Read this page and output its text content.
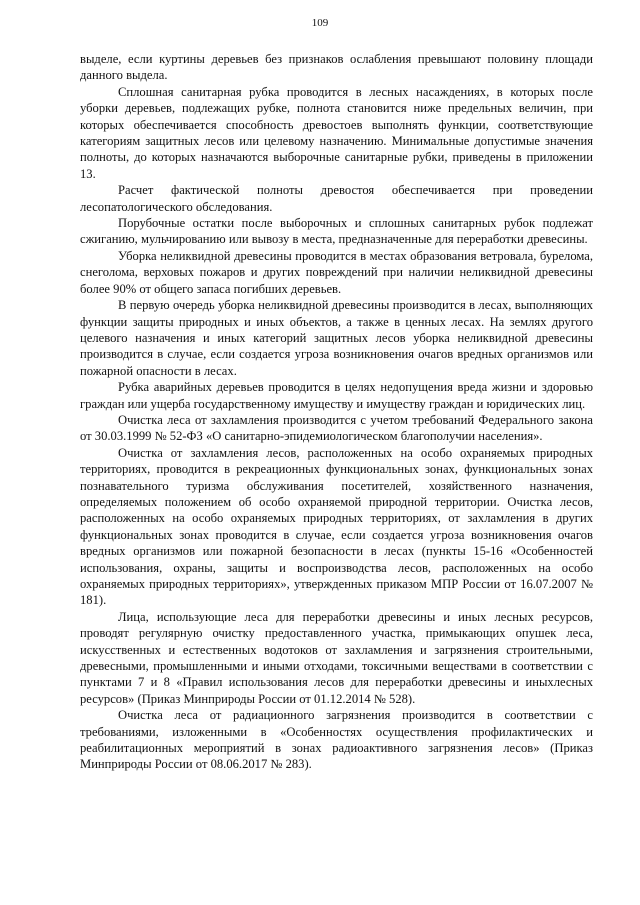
109

выделе, если куртины деревьев без признаков ослабления превышают половину площади данного выдела.

Сплошная санитарная рубка проводится в лесных насаждениях, в которых после уборки деревьев, подлежащих рубке, полнота становится ниже предельных величин, при которых обеспечивается способность древостоев выполнять функции, соответствующие категориям защитных лесов или целевому назначению. Минимальные допустимые значения полноты, до которых назначаются выборочные санитарные рубки, приведены в приложении 13.

Расчет фактической полноты древостоя обеспечивается при проведении лесопатологического обследования.

Порубочные остатки после выборочных и сплошных санитарных рубок подлежат сжиганию, мульчированию или вывозу в места, предназначенные для переработки древесины.

Уборка неликвидной древесины проводится в местах образования ветровала, бурелома, снеголома, верховых пожаров и других повреждений при наличии неликвидной древесины более 90% от общего запаса погибших деревьев.

В первую очередь уборка неликвидной древесины производится в лесах, выполняющих функции защиты природных и иных объектов, а также в ценных лесах. На землях другого целевого назначения и иных категорий защитных лесов уборка неликвидной древесины производится в случае, если создается угроза возникновения очагов вредных организмов или пожарной опасности в лесах.

Рубка аварийных деревьев проводится в целях недопущения вреда жизни и здоровью граждан или ущерба государственному имуществу и имуществу граждан и юридических лиц.

Очистка леса от захламления производится с учетом требований Федерального закона от 30.03.1999 № 52-ФЗ «О санитарно-эпидемиологическом благополучии населения».

Очистка от захламления лесов, расположенных на особо охраняемых природных территориях, проводится в рекреационных функциональных зонах, функциональных зонах познавательного туризма обслуживания посетителей, хозяйственного назначения, определяемых положением об особо охраняемой природной территории. Очистка лесов, расположенных на особо охраняемых природных территориях, от захламления в других функциональных зонах проводится в случае, если создается угроза возникновения очагов вредных организмов или пожарной безопасности в лесах (пункты 15-16 «Особенностей использования, охраны, защиты и воспроизводства лесов, расположенных на особо охраняемых природных территориях», утвержденных приказом МПР России от 16.07.2007 № 181).

Лица, использующие леса для переработки древесины и иных лесных ресурсов, проводят регулярную очистку предоставленного участка, примыкающих опушек леса, искусственных и естественных водотоков от захламления и загрязнения строительными, древесными, промышленными и иными отходами, токсичными веществами в соответствии с пунктами 7 и 8 «Правил использования лесов для переработки древесины и иныхлесных ресурсов» (Приказ Минприроды России от 01.12.2014 № 528).

Очистка леса от радиационного загрязнения производится в соответствии с требованиями, изложенными в «Особенностях осуществления профилактических и реабилитационных мероприятий в зонах радиоактивного загрязнения лесов» (Приказ Минприроды России от 08.06.2017 № 283).
